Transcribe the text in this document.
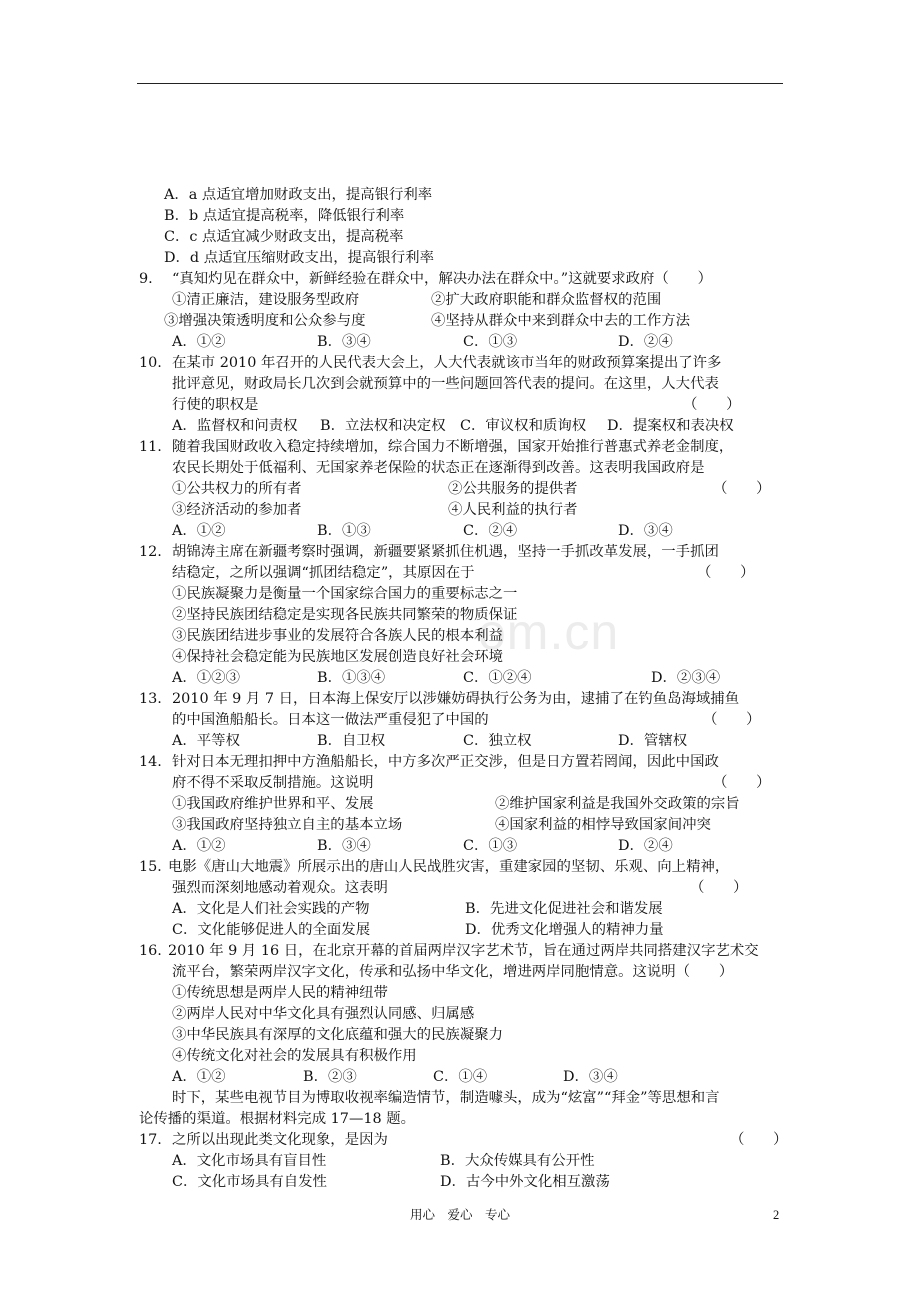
om.cn
A．a 点适宜增加财政支出，提高银行利率
B．b 点适宜提高税率，降低银行利率
C．c 点适宜减少财政支出，提高税率
D．d 点适宜压缩财政支出，提高银行利率
9. “真知灼见在群众中，新鲜经验在群众中，解决办法在群众中。”这就要求政府（　　）
①清正廉洁，建设服务型政府	②扩大政府职能和群众监督权的范围
③增强决策透明度和公众参与度	④坚持从群众中来到群众中去的工作方法
A．①②	B．③④	C．①③	D．②④
10. 在某市 2010 年召开的人民代表大会上，人大代表就该市当年的财政预算案提出了许多
批评意见，财政局长几次到会就预算中的一些问题回答代表的提问。在这里，人大代表
行使的职权是	（　　）
A．监督权和问责权 B．立法权和决定权 C．审议权和质询权 D．提案权和表决权
11. 随着我国财政收入稳定持续增加，综合国力不断增强，国家开始推行普惠式养老金制度，
农民长期处于低福利、无国家养老保险的状态正在逐渐得到改善。这表明我国政府是
①公共权力的所有者	②公共服务的提供者	（　　）
③经济活动的参加者	④人民利益的执行者
A．①②	B．①③	C．②④	D．③④
12. 胡锦涛主席在新疆考察时强调，新疆要紧紧抓住机遇，坚持一手抓改革发展，一手抓团
结稳定，之所以强调“抓团结稳定”，其原因在于	（　　）
①民族凝聚力是衡量一个国家综合国力的重要标志之一
②坚持民族团结稳定是实现各民族共同繁荣的物质保证
③民族团结进步事业的发展符合各族人民的根本利益
④保持社会稳定能为民族地区发展创造良好社会环境
A．①②③	B．①③④	C．①②④	D．②③④
13. 2010 年 9 月 7 日，日本海上保安厅以涉嫌妨碍执行公务为由，逮捕了在钓鱼岛海域捕鱼
的中国渔船船长。日本这一做法严重侵犯了中国的	（　　）
A．平等权	B．自卫权	C．独立权	D．管辖权
14. 针对日本无理扣押中方渔船船长，中方多次严正交涉，但是日方置若罔闻，因此中国政
府不得不采取反制措施。这说明	（　　）
①我国政府维护世界和平、发展	②维护国家利益是我国外交政策的宗旨
③我国政府坚持独立自主的基本立场	④国家利益的相悖导致国家间冲突
A．①②	B．③④	C．①③	D．②④
15．
电影《唐山大地震》所展示出的唐山人民战胜灾害，重建家园的坚韧、乐观、向上精神，
强烈而深刻地感动着观众。这表明	（　　）
A．文化是人们社会实践的产物	B．先进文化促进社会和谐发展
C．文化能够促进人的全面发展	D．优秀文化增强人的精神力量
16. 2010 年 9 月 16 日，在北京开幕的首届两岸汉字艺术节，旨在通过两岸共同搭建汉字艺术交
流平台，繁荣两岸汉字文化，传承和弘扬中华文化，增进两岸同胞情意。这说明（　　）
①传统思想是两岸人民的精神纽带
②两岸人民对中华文化具有强烈认同感、归属感
③中华民族具有深厚的文化底蕴和强大的民族凝聚力
④传统文化对社会的发展具有积极作用
A．①②	B．②③	C．①④	D．③④
时下，某些电视节目为博取收视率编造情节，制造噱头，成为“炫富”“拜金”等思想和言
论传播的渠道。根据材料完成 17—18 题。
17. 之所以出现此类文化现象，是因为	（　　）
A．文化市场具有盲目性	B．大众传媒具有公开性
C．文化市场具有自发性	D．古今中外文化相互激荡
用心　爱心　专心	2
